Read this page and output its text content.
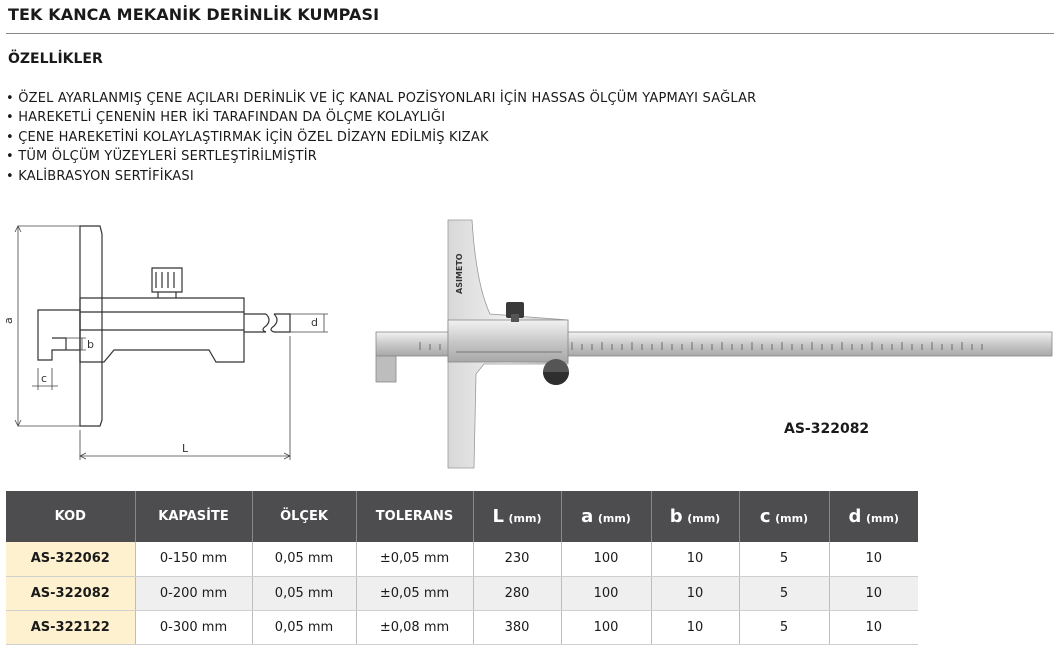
TEK KANCA MEKANİK DERİNLİK KUMPASI
ÖZELLİKLER
• ÖZEL AYARLANMIŞ ÇENE AÇILARI DERİNLİK VE İÇ KANAL POZİSYONLARI İÇİN HASSAS ÖLÇÜM YAPMAYI SAĞLAR
• HAREKETLİ ÇENENİN HER İKİ TARAFINDAN DA ÖLÇME KOLAYLIĞI
• ÇENE HAREKETİNİ KOLAYLAŞTIRMAK İÇİN ÖZEL DİZAYN EDİLMİŞ KIZAK
• TÜM ÖLÇÜM YÜZEYLERİ SERTLEŞTİRİLMİŞTİR
• KALİBRASYON SERTİFİKASI
a
b
c
d
L
ASIMETO
AS-322082
KOD	KAPASİTE	ÖLÇEK	TOLERANS	L (mm)	a (mm)	b (mm)	c (mm)	d (mm)
AS-322062	0-150 mm	0,05 mm	±0,05 mm	230	100	10	5	10
AS-322082	0-200 mm	0,05 mm	±0,05 mm	280	100	10	5	10
AS-322122	0-300 mm	0,05 mm	±0,08 mm	380	100	10	5	10
